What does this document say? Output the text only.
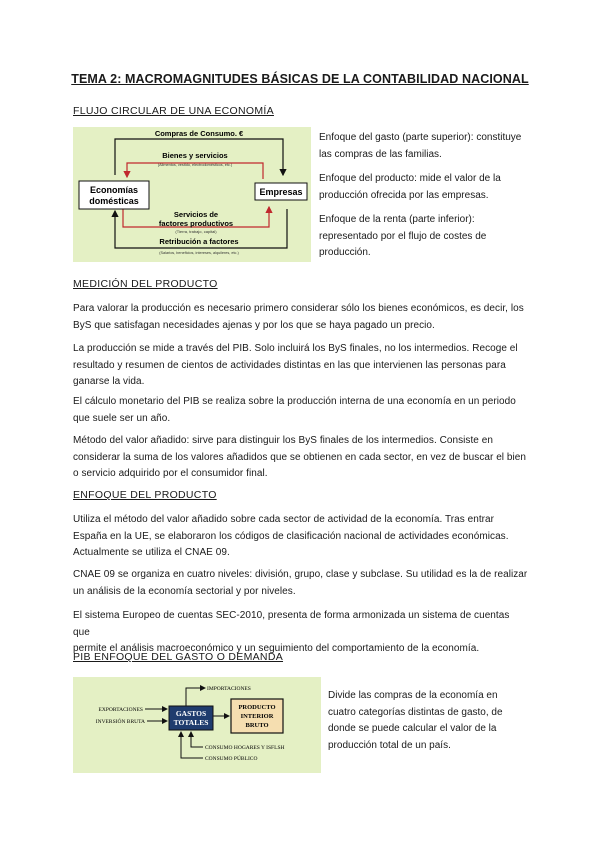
TEMA 2: MACROMAGNITUDES BÁSICAS DE LA CONTABILIDAD NACIONAL
FLUJO CIRCULAR DE UNA ECONOMÍA
Economías
domésticas
Empresas
Compras de Consumo. €
Bienes y servicios
(Alimentos, vestido, electrodomésticos, etc.)
Servicios de
factores productivos
(Tierra, trabajo, capital)
Retribución a factores
(Salarios, beneficios, intereses, alquileres, etc.)
Enfoque del gasto (parte superior): constituye
las compras de las familias.
Enfoque del producto: mide el valor de la
producción ofrecida por las empresas.
Enfoque de la renta (parte inferior):
representado por el flujo de costes de
producción.
MEDICIÓN DEL PRODUCTO
Para valorar la producción es necesario primero considerar sólo los bienes económicos, es decir, los
ByS que satisfagan necesidades ajenas y por los que se haya pagado un precio.
La producción se mide a través del PIB. Solo incluirá los ByS finales, no los intermedios. Recoge el
resultado y resumen de cientos de actividades distintas en las que intervienen las personas para
ganarse la vida.
El cálculo monetario del PIB se realiza sobre la producción interna de una economía en un periodo
que suele ser un año.
Método del valor añadido: sirve para distinguir los ByS finales de los intermedios. Consiste en
considerar la suma de los valores añadidos que se obtienen en cada sector, en vez de buscar el bien
o servicio adquirido por el consumidor final.
ENFOQUE DEL PRODUCTO
Utiliza el método del valor añadido sobre cada sector de actividad de la economía. Tras entrar
España en la UE, se elaboraron los códigos de clasificación nacional de actividades económicas.
Actualmente se utiliza el CNAE 09.
CNAE 09 se organiza en cuatro niveles: división, grupo, clase y subclase. Su utilidad es la de realizar
un análisis de la economía sectorial y por niveles.
El sistema Europeo de cuentas SEC-2010, presenta de forma armonizada un sistema de cuentas que
permite el análisis macroeconómico y un seguimiento del comportamiento de la economía.
PIB ENFOQUE DEL GASTO O DEMANDA
GASTOS
TOTALES
PRODUCTO
INTERIOR
BRUTO
IMPORTACIONES
EXPORTACIONES
INVERSIÓN BRUTA
CONSUMO HOGARES Y ISFLSH
CONSUMO PÚBLICO
Divide las compras de la economía en
cuatro categorías distintas de gasto, de
donde se puede calcular el valor de la
producción total de un país.
